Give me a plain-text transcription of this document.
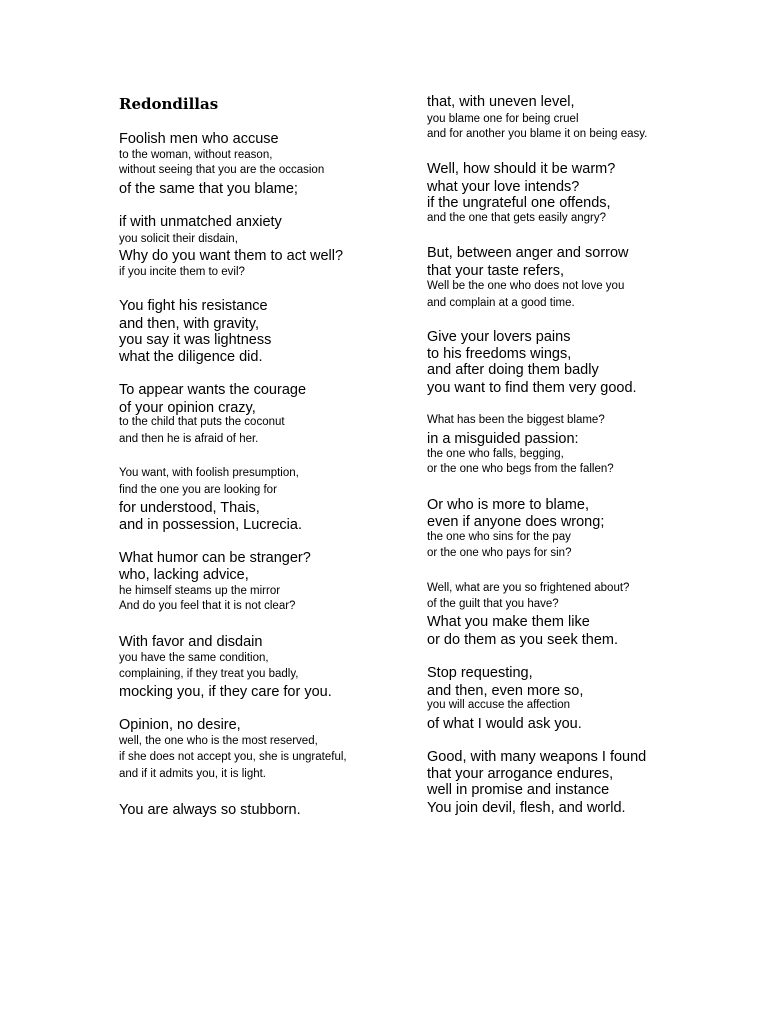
Redondillas
Foolish men who accuse
to the woman, without reason,
without seeing that you are the occasion
of the same that you blame;
if with unmatched anxiety
you solicit their disdain,
Why do you want them to act well?
if you incite them to evil?
You fight his resistance
and then, with gravity,
you say it was lightness
what the diligence did.
To appear wants the courage
of your opinion crazy,
to the child that puts the coconut
and then he is afraid of her.
You want, with foolish presumption,
find the one you are looking for
for understood, Thais,
and in possession, Lucrecia.
What humor can be stranger?
who, lacking advice,
he himself steams up the mirror
And do you feel that it is not clear?
With favor and disdain
you have the same condition,
complaining, if they treat you badly,
mocking you, if they care for you.
Opinion, no desire,
well, the one who is the most reserved,
if she does not accept you, she is ungrateful,
and if it admits you, it is light.
You are always so stubborn.
that, with uneven level,
you blame one for being cruel
and for another you blame it on being easy.
Well, how should it be warm?
what your love intends?
if the ungrateful one offends,
and the one that gets easily angry?
But, between anger and sorrow
that your taste refers,
Well be the one who does not love you
and complain at a good time.
Give your lovers pains
to his freedoms wings,
and after doing them badly
you want to find them very good.
What has been the biggest blame?
in a misguided passion:
the one who falls, begging,
or the one who begs from the fallen?
Or who is more to blame,
even if anyone does wrong;
the one who sins for the pay
or the one who pays for sin?
Well, what are you so frightened about?
of the guilt that you have?
What you make them like
or do them as you seek them.
Stop requesting,
and then, even more so,
you will accuse the affection
of what I would ask you.
Good, with many weapons I found
that your arrogance endures,
well in promise and instance
You join devil, flesh, and world.
